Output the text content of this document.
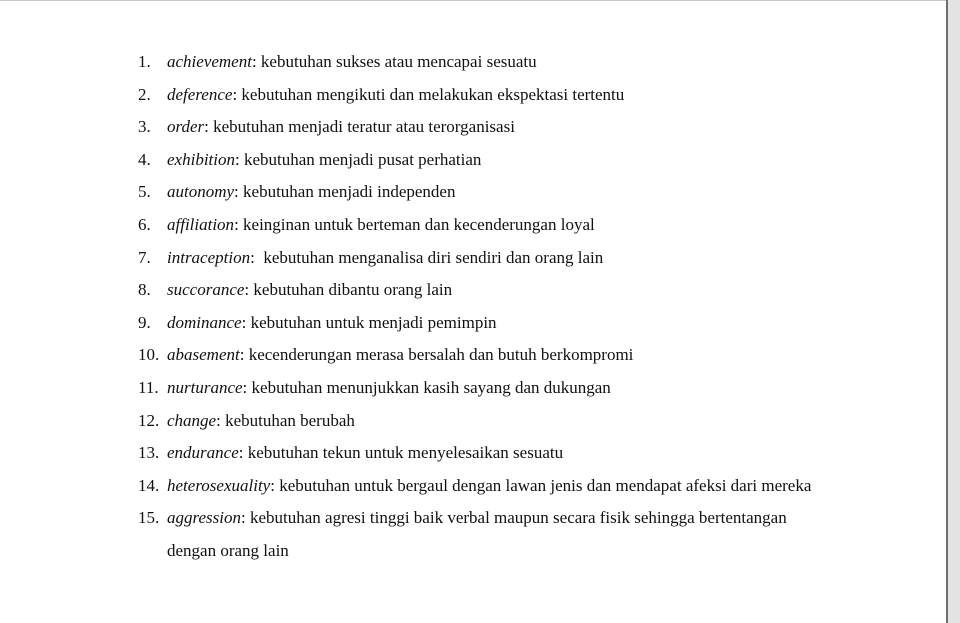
1. achievement: kebutuhan sukses atau mencapai sesuatu
2. deference: kebutuhan mengikuti dan melakukan ekspektasi tertentu
3. order: kebutuhan menjadi teratur atau terorganisasi
4. exhibition: kebutuhan menjadi pusat perhatian
5. autonomy: kebutuhan menjadi independen
6. affiliation: keinginan untuk berteman dan kecenderungan loyal
7. intraception:  kebutuhan menganalisa diri sendiri dan orang lain
8. succorance: kebutuhan dibantu orang lain
9. dominance: kebutuhan untuk menjadi pemimpin
10. abasement: kecenderungan merasa bersalah dan butuh berkompromi
11. nurturance: kebutuhan menunjukkan kasih sayang dan dukungan
12. change: kebutuhan berubah
13. endurance: kebutuhan tekun untuk menyelesaikan sesuatu
14. heterosexuality: kebutuhan untuk bergaul dengan lawan jenis dan mendapat afeksi dari mereka
15. aggression: kebutuhan agresi tinggi baik verbal maupun secara fisik sehingga bertentangan dengan orang lain
